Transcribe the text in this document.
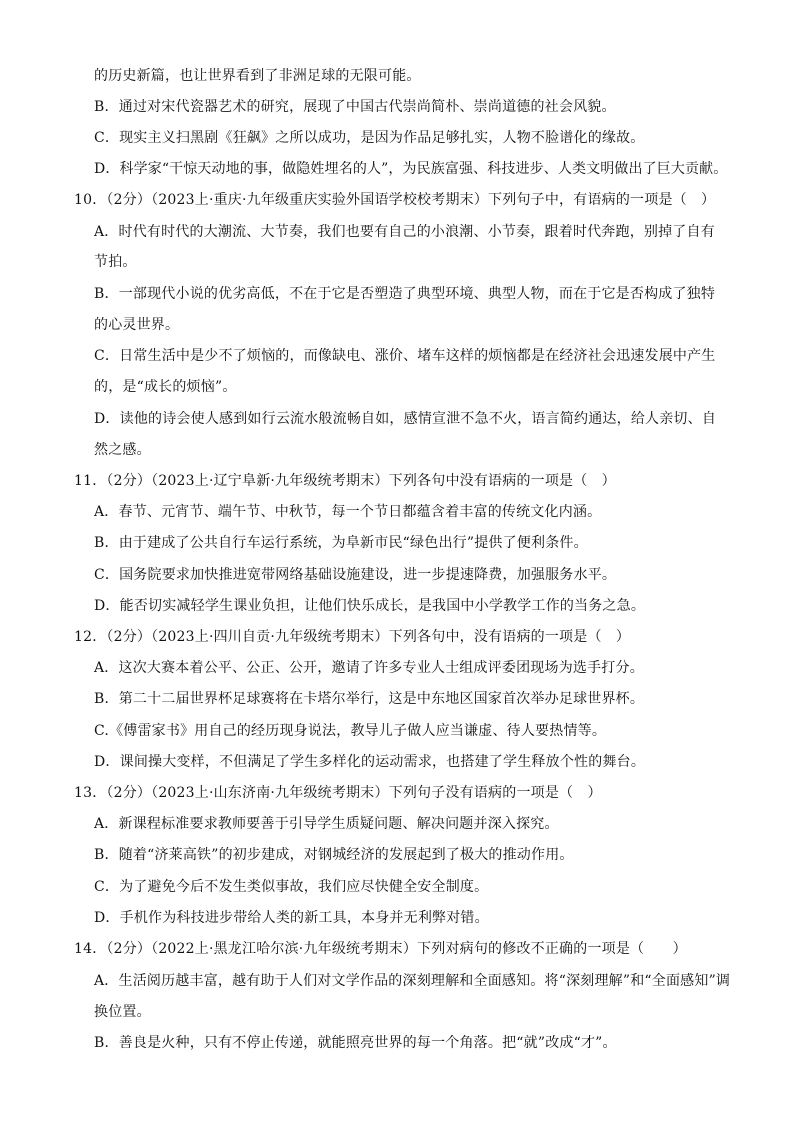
的历史新篇，也让世界看到了非洲足球的无限可能。
B．通过对宋代瓷器艺术的研究，展现了中国古代崇尚简朴、崇尚道德的社会风貌。
C．现实主义扫黑剧《狂飙》之所以成功，是因为作品足够扎实，人物不脸谱化的缘故。
D．科学家“干惊天动地的事，做隐姓埋名的人”，为民族富强、科技进步、人类文明做出了巨大贡献。
10．（2分）（2023上·重庆·九年级重庆实验外国语学校校考期末）下列句子中，有语病的一项是（　）
A．时代有时代的大潮流、大节奏，我们也要有自己的小浪潮、小节奏，跟着时代奔跑，别掉了自有
节拍。
B．一部现代小说的优劣高低，不在于它是否塑造了典型环境、典型人物，而在于它是否构成了独特
的心灵世界。
C．日常生活中是少不了烦恼的，而像缺电、涨价、堵车这样的烦恼都是在经济社会迅速发展中产生
的，是“成长的烦恼”。
D．读他的诗会使人感到如行云流水般流畅自如，感情宣泄不急不火，语言简约通达，给人亲切、自
然之感。
11．（2分）（2023上·辽宁阜新·九年级统考期末）下列各句中没有语病的一项是（　）
A．春节、元宵节、端午节、中秋节，每一个节日都蕴含着丰富的传统文化内涵。
B．由于建成了公共自行车运行系统，为阜新市民“绿色出行”提供了便利条件。
C．国务院要求加快推进宽带网络基础设施建设，进一步提速降费，加强服务水平。
D．能否切实减轻学生课业负担，让他们快乐成长，是我国中小学教学工作的当务之急。
12．（2分）（2023上·四川自贡·九年级统考期末）下列各句中，没有语病的一项是（　）
A．这次大赛本着公平、公正、公开，邀请了许多专业人士组成评委团现场为选手打分。
B．第二十二届世界杯足球赛将在卡塔尔举行，这是中东地区国家首次举办足球世界杯。
C.《傅雷家书》用自己的经历现身说法，教导儿子做人应当谦虚、待人要热情等。
D．课间操大变样，不但满足了学生多样化的运动需求，也搭建了学生释放个性的舞台。
13．（2分）（2023上·山东济南·九年级统考期末）下列句子没有语病的一项是（　）
A．新课程标准要求教师要善于引导学生质疑问题、解决问题并深入探究。
B．随着“济莱高铁”的初步建成，对钢城经济的发展起到了极大的推动作用。
C．为了避免今后不发生类似事故，我们应尽快健全安全制度。
D．手机作为科技进步带给人类的新工具，本身并无利弊对错。
14．（2分）（2022上·黑龙江哈尔滨·九年级统考期末）下列对病句的修改不正确的一项是（　　）
A．生活阅历越丰富，越有助于人们对文学作品的深刻理解和全面感知。将“深刻理解”和“全面感知”调
换位置。
B．善良是火种，只有不停止传递，就能照亮世界的每一个角落。把“就”改成“才”。
